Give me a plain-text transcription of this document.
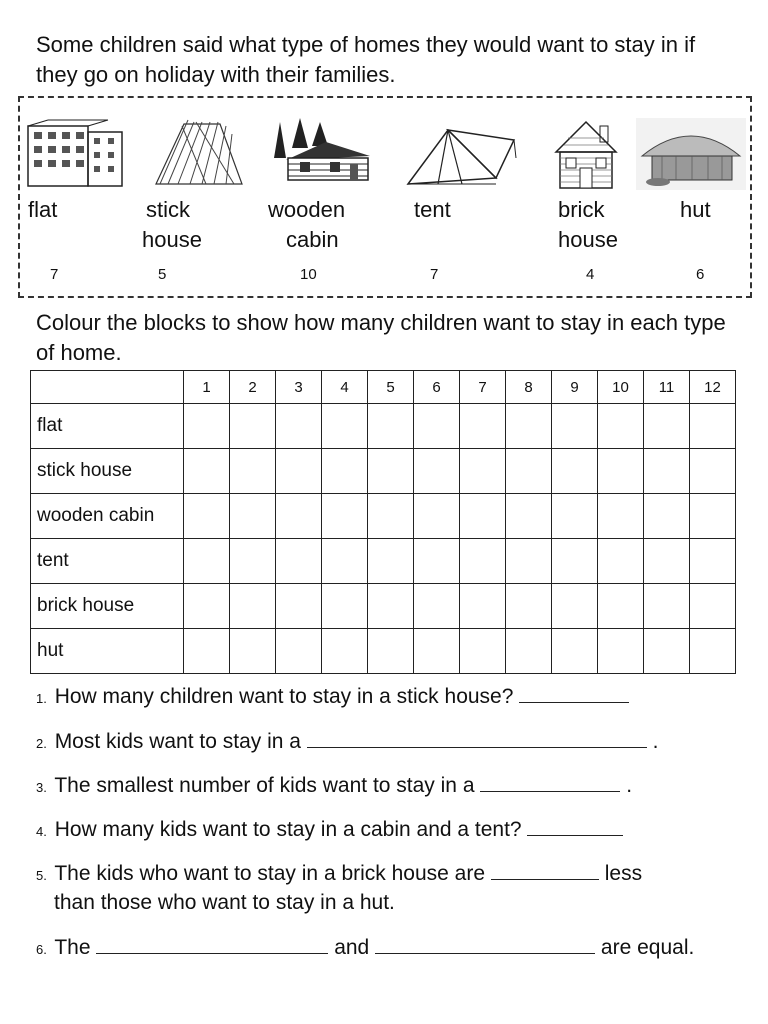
Some children said what type of homes they would want to stay in if they go on holiday with their families.
flat
7
stick
house
5
wooden
cabin
10
tent
7
brick
house
4
hut
6
Colour the blocks to show how many children want to stay in each type of home.
	1	2	3	4	5	6	7	8	9	10	11	12
flat												
stick house												
wooden cabin												
tent												
brick house												
hut												
1. How many children want to stay in a stick house?
2. Most kids want to stay in a	.
3. The smallest number of kids want to stay in a	.
4. How many kids want to stay in a cabin and a tent?
5. The kids who want to stay in a brick house are	less
than those who want to stay in a hut.
6. The	and	are equal.
